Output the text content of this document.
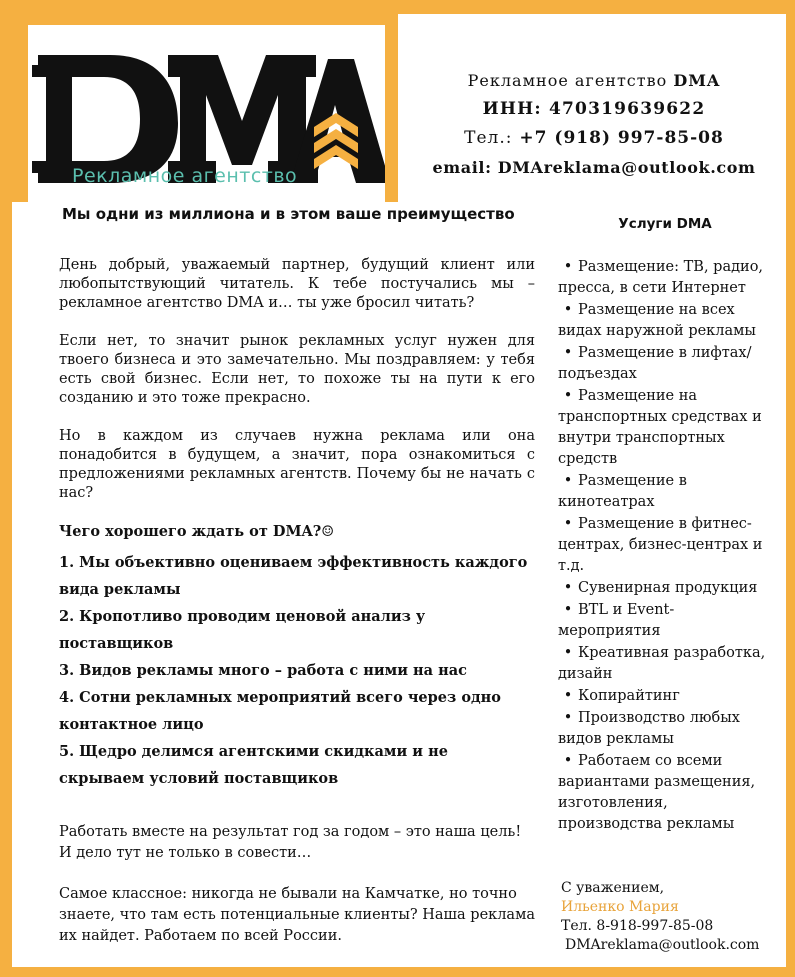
Рекламное агентство
Рекламное агентство DMA
ИНН: 470319639622
Тел.: +7 (918) 997-85-08
email: DMAreklama@outlook.com
Мы одни из миллиона и в этом ваше преимущество

День добрый, уважаемый партнер, будущий клиент или любопытствующий читатель. К тебе постучались мы – рекламное агентство DMA и… ты уже бросил читать?

Если нет, то значит рынок рекламных услуг нужен для твоего бизнеса и это замечательно. Мы поздравляем: у тебя есть свой бизнес. Если нет, то похоже ты на пути к его созданию и это тоже прекрасно.

Но в каждом из случаев нужна реклама или она понадобится в будущем, а значит, пора ознакомиться с предложениями рекламных агентств. Почему бы не начать с нас?

Чего хорошего ждать от DMA?☺
1. Мы объективно оцениваем эффективность каждого вида рекламы
2. Кропотливо проводим ценовой анализ у поставщиков
3. Видов рекламы много – работа с ними на нас
4. Сотни рекламных мероприятий всего через одно контактное лицо
5. Щедро делимся агентскими скидками и не скрываем условий поставщиков
Работать вместе на результат год за годом – это наша цель!
И дело тут не только в совести…
Самое классное: никогда не бывали на Камчатке, но точно знаете, что там есть потенциальные клиенты? Наша реклама их найдет. Работаем по всей России.
Услуги DMA
• Размещение: ТВ, радио, пресса, в сети Интернет
• Размещение на всех видах наружной рекламы
• Размещение в лифтах/подъездах
• Размещение на транспортных средствах и внутри транспортных средств
• Размещение в кинотеатрах
• Размещение в фитнес-центрах, бизнес-центрах и т.д.
• Сувенирная продукция
• BTL и Event-мероприятия
• Креативная разработка, дизайн
• Копирайтинг
• Производство любых видов рекламы
• Работаем со всеми вариантами размещения, изготовления, производства рекламы
С уважением,
Ильенко Мария
Тел. 8-918-997-85-08
DMAreklama@outlook.com
